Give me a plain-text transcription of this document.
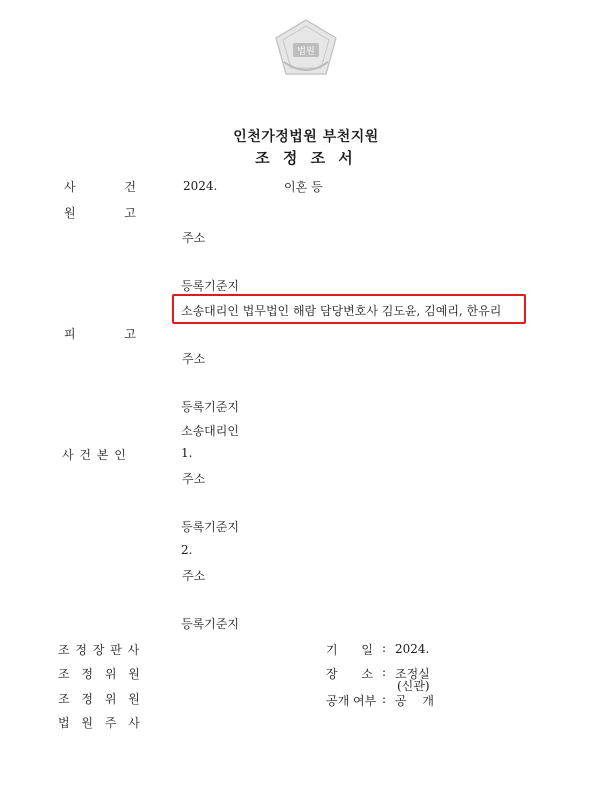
법원
인천가정법원 부천지원
조 정 조 서
사	건	2024.	이혼 등
원	고
주소
등록기준지
소송대리인 법무법인 해람 담당변호사 김도윤, 김예리, 한유리
피	고
주소
등록기준지
소송대리인
사 건 본 인	1.
주소
등록기준지
2.
주소
등록기준지
조 정 장 판 사
조 정 위 원
조 정 위 원
법 원 주 사
기 일 : 2024.
장 소 : 조정실
(신관)
공개 여부 : 공 개
